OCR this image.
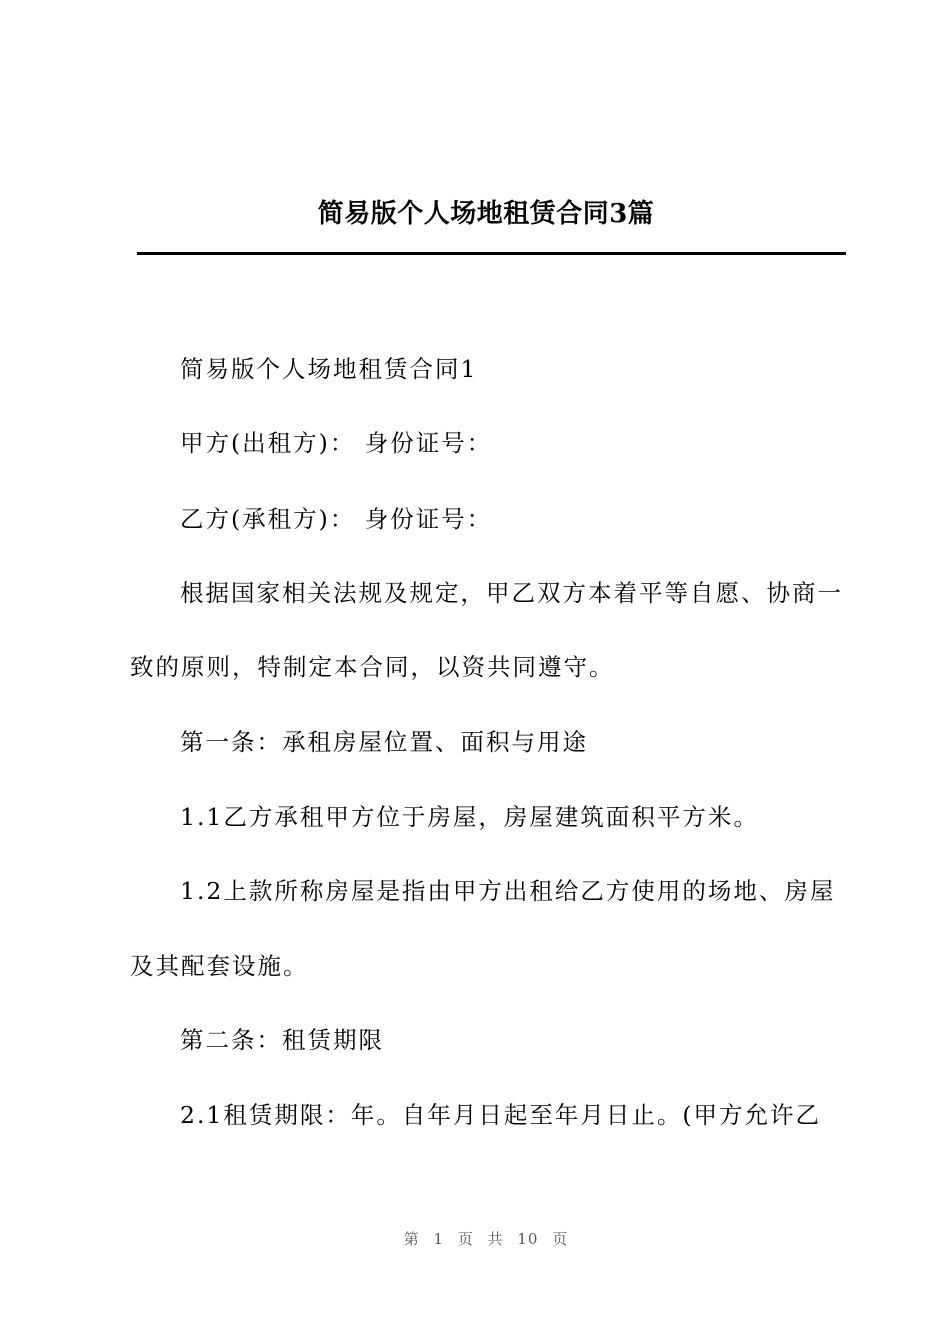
简易版个人场地租赁合同3篇
简易版个人场地租赁合同1
甲方(出租方)： 身份证号：
乙方(承租方)： 身份证号：
根据国家相关法规及规定，甲乙双方本着平等自愿、协商一
致的原则，特制定本合同，以资共同遵守。
第一条：承租房屋位置、面积与用途
1.1乙方承租甲方位于房屋，房屋建筑面积平方米。
1.2上款所称房屋是指由甲方出租给乙方使用的场地、房屋
及其配套设施。
第二条：租赁期限
2.1租赁期限：年。自年月日起至年月日止。(甲方允许乙
第 1 页 共 10 页
